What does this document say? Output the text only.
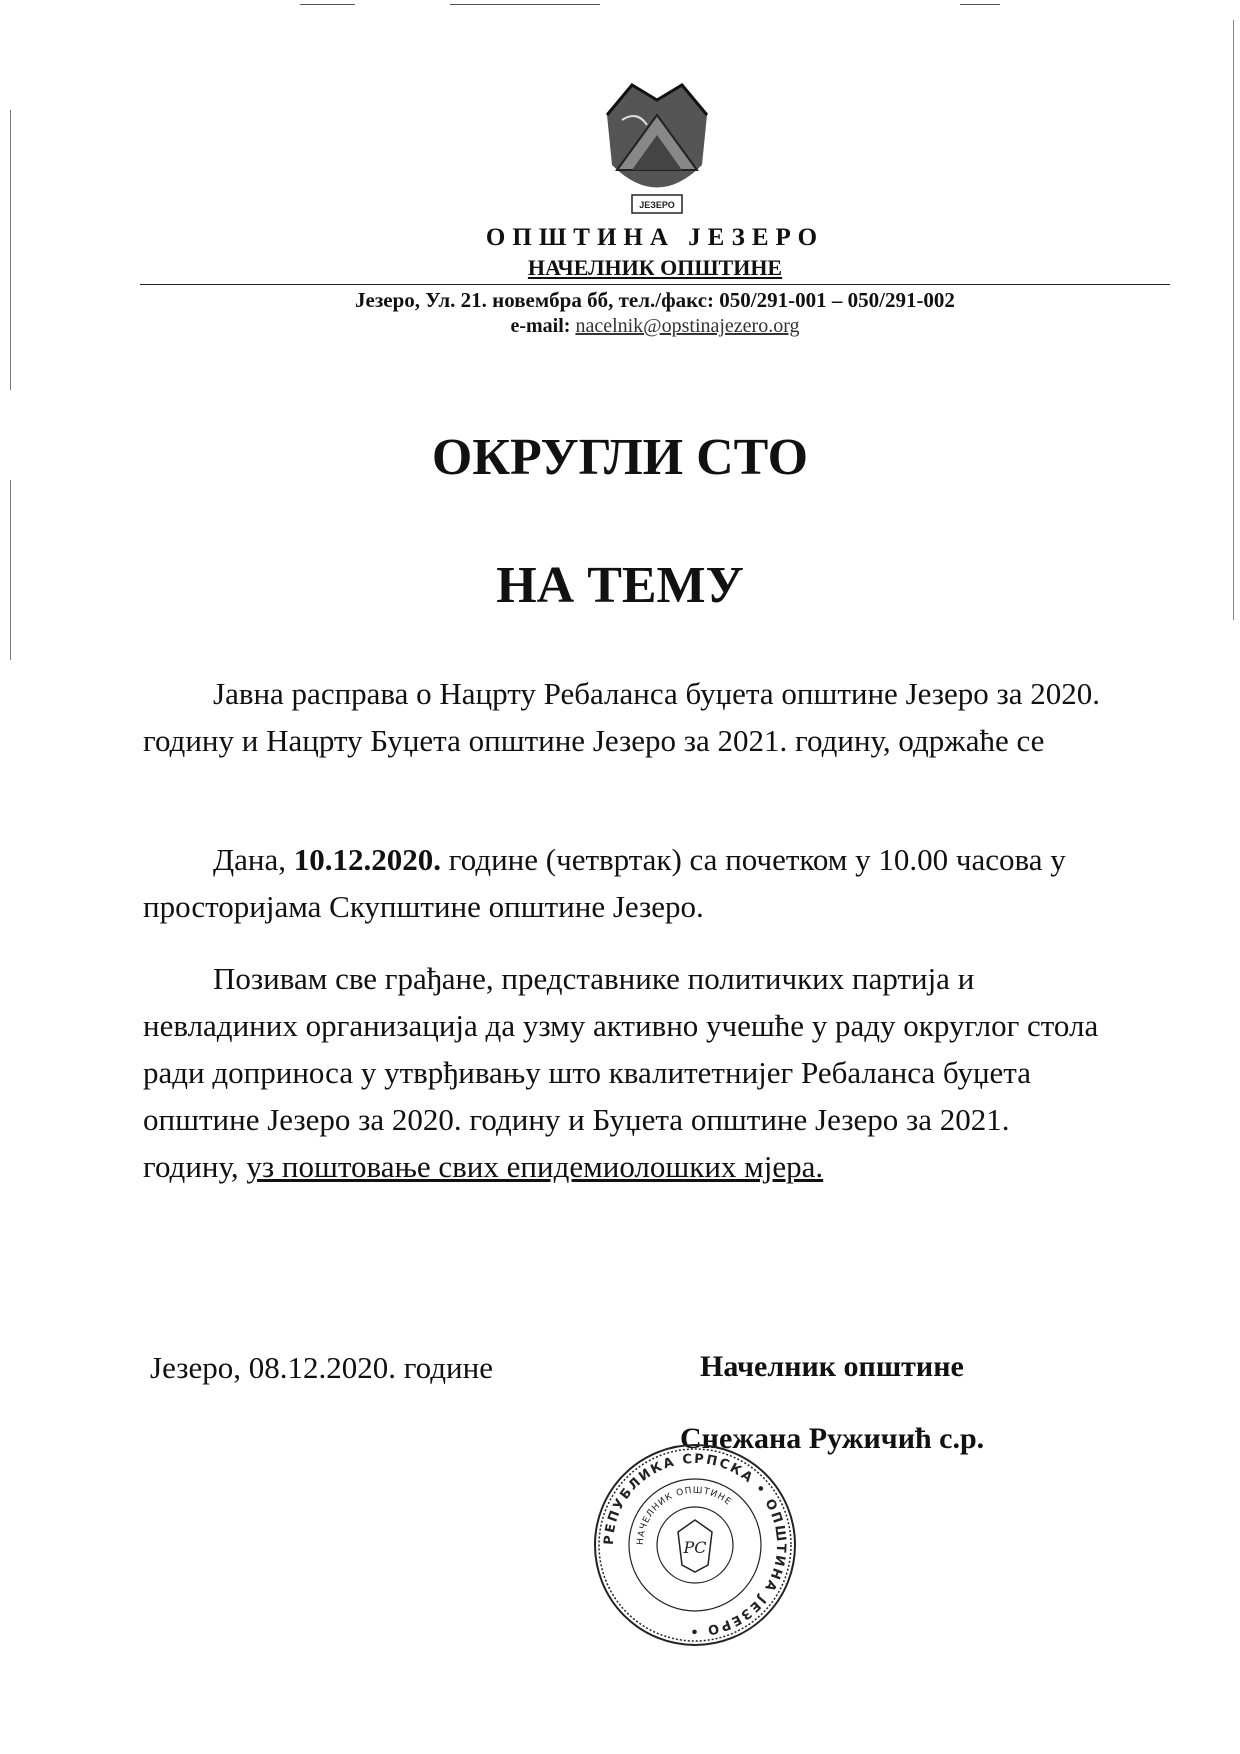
ЈЕЗЕРО
ОПШТИНА ЈЕЗЕРО
НАЧЕЛНИК ОПШТИНЕ
Језеро, Ул. 21. новембра бб, тел./факс: 050/291-001 – 050/291-002
e-mail: nacelnik@opstinajezero.org
ОКРУГЛИ СТО
НА ТЕМУ

Јавна расправа о Нацрту Ребаланса буџета општине Језеро за 2020. годину и Нацрту Буџета општине Језеро за 2021. годину, одржаће се

Дана, 10.12.2020. године (четвртак) са почетком у 10.00 часова у просторијама Скупштине општине Језеро.

Позивам све грађане, представнике политичких партија и невладиних организација да узму активно учешће у раду округлог стола ради доприноса у утврђивању што квалитетнијег Ребаланса буџета општине Језеро за 2020. годину и Буџета општине Језеро за 2021. годину, уз поштовање свих епидемиолошких мјера.

Језеро, 08.12.2020. године	Начелник општине
Снежана Ружичић с.р.
РЕПУБЛИКА СРПСКА • ОПШТИНА ЈЕЗЕРО •
НАЧЕЛНИК ОПШТИНЕ
РС
